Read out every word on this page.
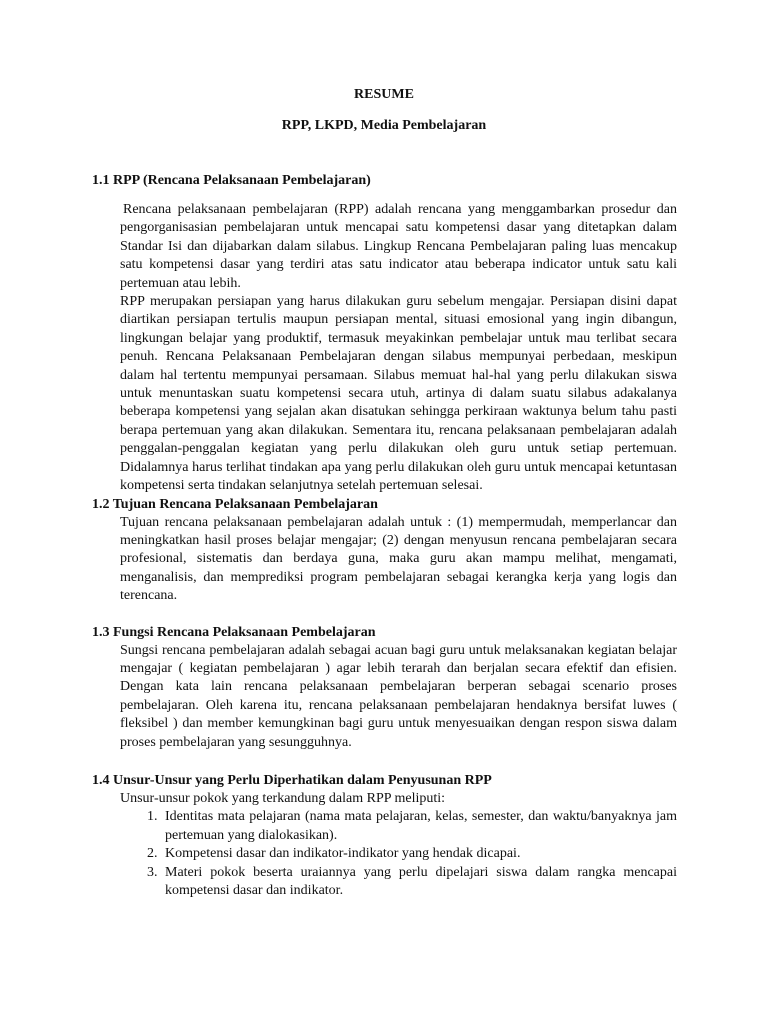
RESUME
RPP, LKPD, Media Pembelajaran
1.1 RPP (Rencana Pelaksanaan Pembelajaran)

Rencana pelaksanaan pembelajaran (RPP) adalah rencana yang menggambarkan prosedur dan pengorganisasian pembelajaran untuk mencapai satu kompetensi dasar yang ditetapkan dalam Standar Isi dan dijabarkan dalam silabus. Lingkup Rencana Pembelajaran paling luas mencakup satu kompetensi dasar yang terdiri atas satu indicator atau beberapa indicator untuk satu kali pertemuan atau lebih.

RPP merupakan persiapan yang harus dilakukan guru sebelum mengajar. Persiapan disini dapat diartikan persiapan tertulis maupun persiapan mental, situasi emosional yang ingin dibangun, lingkungan belajar yang produktif, termasuk meyakinkan pembelajar untuk mau terlibat secara penuh. Rencana Pelaksanaan Pembelajaran dengan silabus mempunyai perbedaan, meskipun dalam hal tertentu mempunyai persamaan. Silabus memuat hal-hal yang perlu dilakukan siswa untuk menuntaskan suatu kompetensi secara utuh, artinya di dalam suatu silabus adakalanya beberapa kompetensi yang sejalan akan disatukan sehingga perkiraan waktunya belum tahu pasti berapa pertemuan yang akan dilakukan. Sementara itu, rencana pelaksanaan pembelajaran adalah penggalan-penggalan kegiatan yang perlu dilakukan oleh guru untuk setiap pertemuan. Didalamnya harus terlihat tindakan apa yang perlu dilakukan oleh guru untuk mencapai ketuntasan kompetensi serta tindakan selanjutnya setelah pertemuan selesai.

1.2 Tujuan Rencana Pelaksanaan Pembelajaran

Tujuan rencana pelaksanaan pembelajaran adalah untuk : (1) mempermudah, memperlancar dan meningkatkan hasil proses belajar mengajar; (2) dengan menyusun rencana pembelajaran secara profesional, sistematis dan berdaya guna, maka guru akan mampu melihat, mengamati, menganalisis, dan memprediksi program pembelajaran sebagai kerangka kerja yang logis dan terencana.

1.3 Fungsi Rencana Pelaksanaan Pembelajaran

Sungsi rencana pembelajaran adalah sebagai acuan bagi guru untuk melaksanakan kegiatan belajar mengajar ( kegiatan pembelajaran ) agar lebih terarah dan berjalan secara efektif dan efisien. Dengan kata lain rencana pelaksanaan pembelajaran berperan sebagai scenario proses pembelajaran. Oleh karena itu, rencana pelaksanaan pembelajaran hendaknya bersifat luwes ( fleksibel ) dan member kemungkinan bagi guru untuk menyesuaikan dengan respon siswa dalam proses pembelajaran yang sesungguhnya.

1.4 Unsur-Unsur yang Perlu Diperhatikan dalam Penyusunan RPP

Unsur-unsur pokok yang terkandung dalam RPP meliputi:

1. Identitas mata pelajaran (nama mata pelajaran, kelas, semester, dan waktu/banyaknya jam pertemuan yang dialokasikan).
2. Kompetensi dasar dan indikator-indikator yang hendak dicapai.
3. Materi pokok beserta uraiannya yang perlu dipelajari siswa dalam rangka mencapai kompetensi dasar dan indikator.
